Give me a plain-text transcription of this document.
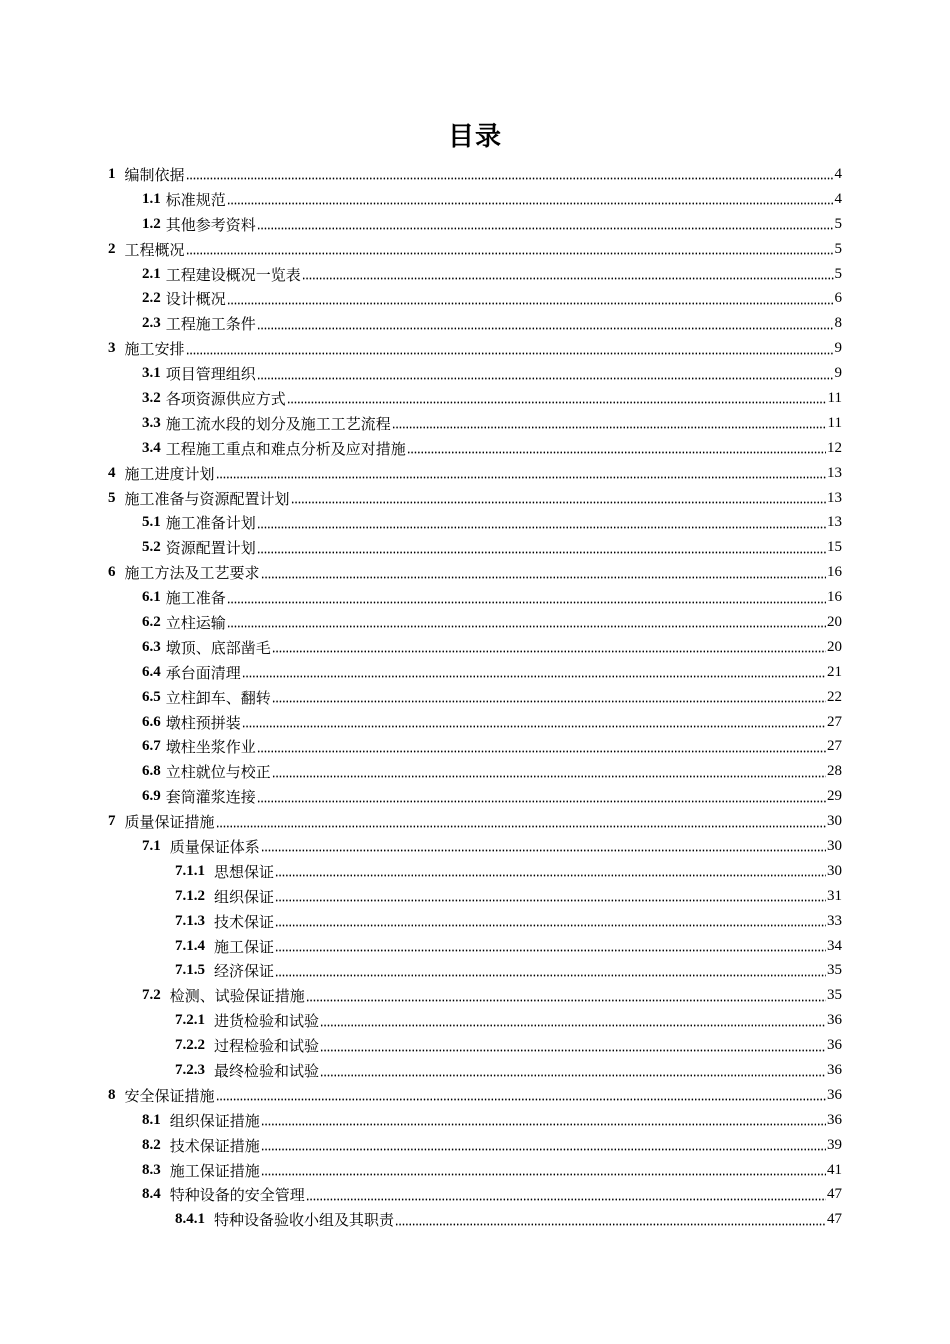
目录
1 编制依据	4
1.1 标准规范	4
1.2 其他参考资料	5
2 工程概况	5
2.1 工程建设概况一览表	5
2.2 设计概况	6
2.3 工程施工条件	8
3 施工安排	9
3.1 项目管理组织	9
3.2 各项资源供应方式	11
3.3 施工流水段的划分及施工工艺流程	11
3.4 工程施工重点和难点分析及应对措施	12
4 施工进度计划	13
5 施工准备与资源配置计划	13
5.1 施工准备计划	13
5.2 资源配置计划	15
6 施工方法及工艺要求	16
6.1 施工准备	16
6.2 立柱运输	20
6.3 墩顶、底部凿毛	20
6.4 承台面清理	21
6.5 立柱卸车、翻转	22
6.6 墩柱预拼装	27
6.7 墩柱坐浆作业	27
6.8 立柱就位与校正	28
6.9 套筒灌浆连接	29
7 质量保证措施	30
7.1 质量保证体系	30
7.1.1 思想保证	30
7.1.2 组织保证	31
7.1.3 技术保证	33
7.1.4 施工保证	34
7.1.5 经济保证	35
7.2 检测、试验保证措施	35
7.2.1 进货检验和试验	36
7.2.2 过程检验和试验	36
7.2.3 最终检验和试验	36
8 安全保证措施	36
8.1 组织保证措施	36
8.2 技术保证措施	39
8.3 施工保证措施	41
8.4 特种设备的安全管理	47
8.4.1 特种设备验收小组及其职责	47
